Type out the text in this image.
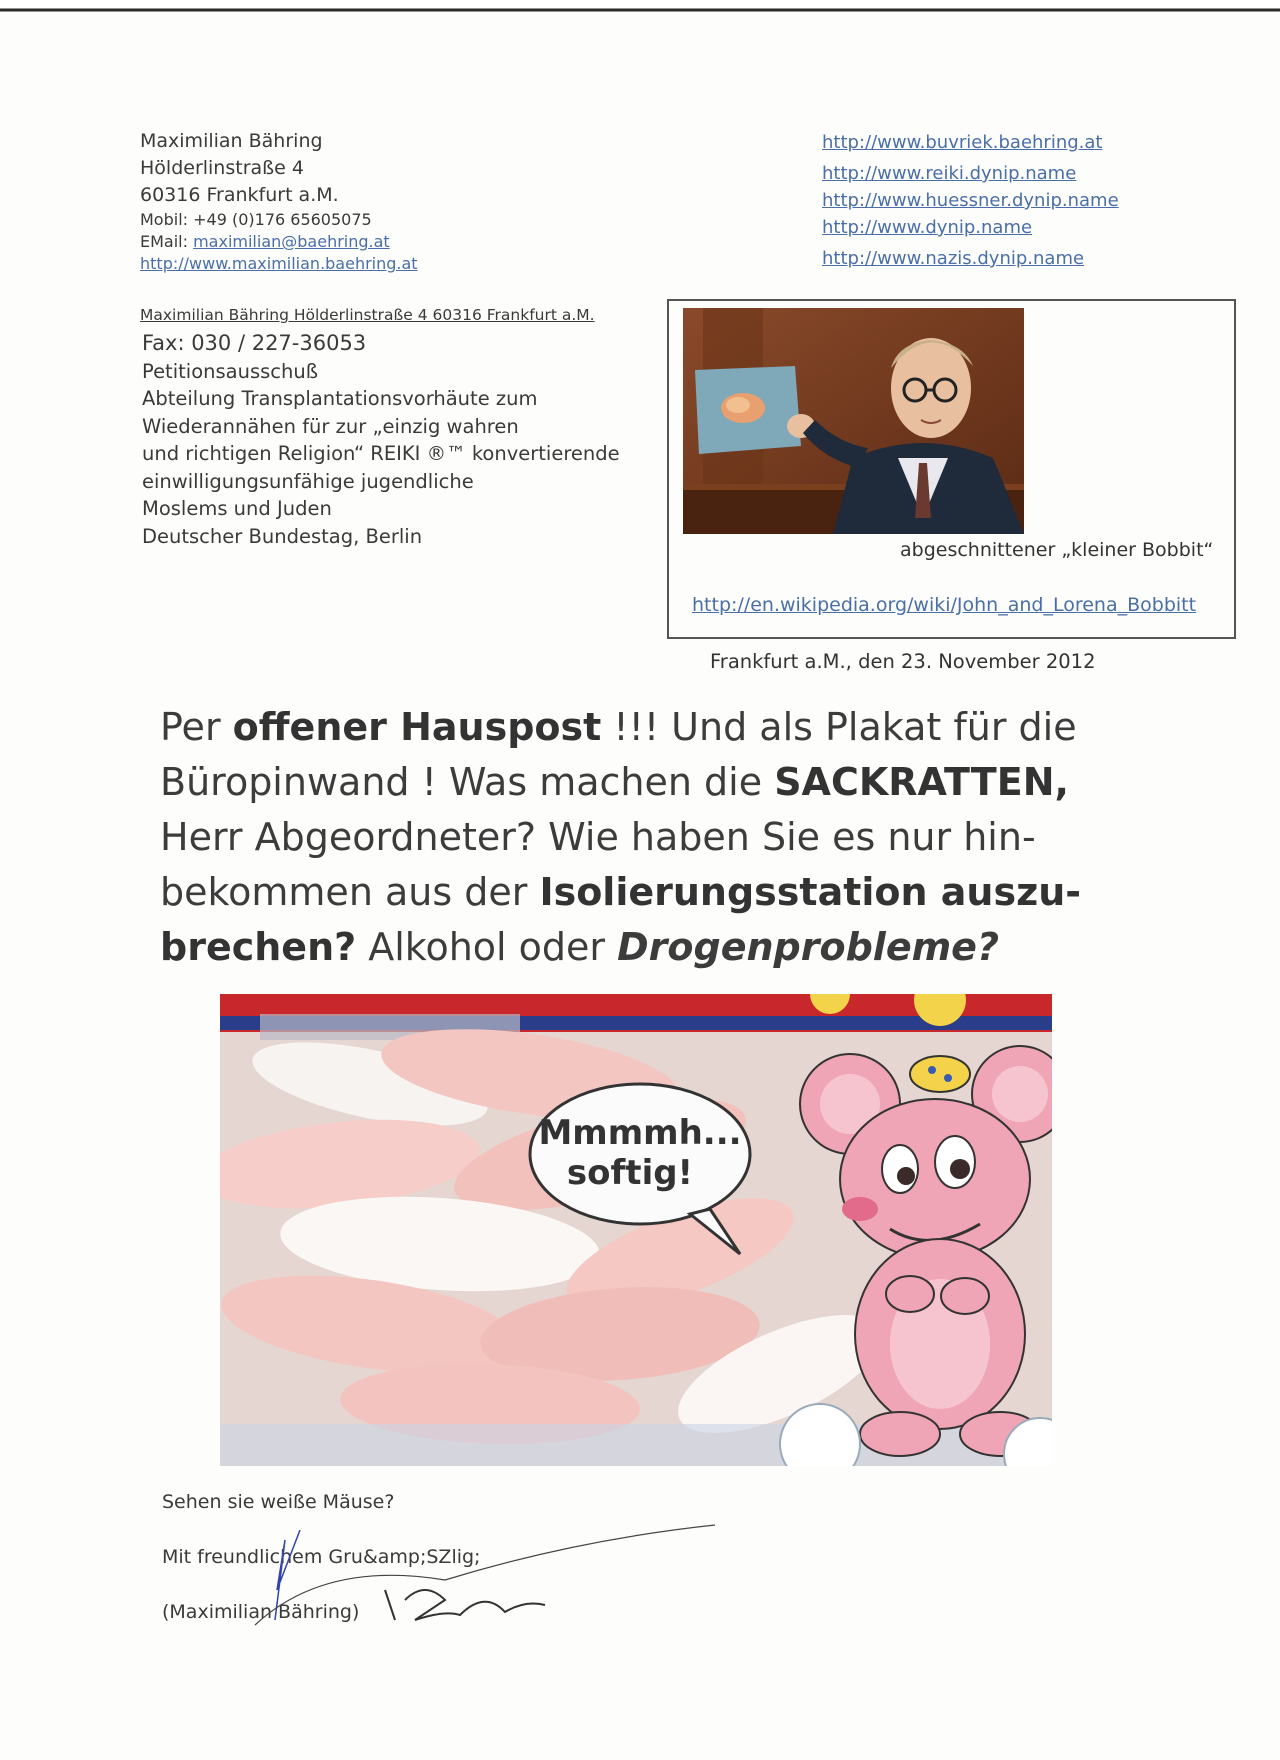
Maximilian Bähring
Hölderlinstraße 4
60316 Frankfurt a.M.
Mobil: +49 (0)176 65605075
EMail: maximilian@baehring.at
http://www.maximilian.baehring.at
http://www.buvriek.baehring.at
http://www.reiki.dynip.name
http://www.huessner.dynip.name
http://www.dynip.name
http://www.nazis.dynip.name
Maximilian Bähring Hölderlinstraße 4 60316 Frankfurt a.M.
Fax: 030 / 227-36053
Petitionsausschuß
Abteilung Transplantationsvorhäute zum
Wiederannähen für zur „einzig wahren
und richtigen Religion“ REIKI ®™ konvertierende
einwilligungsunfähige jugendliche
Moslems und Juden
Deutscher Bundestag, Berlin
abgeschnittener „kleiner Bobbit“
http://en.wikipedia.org/wiki/John_and_Lorena_Bobbitt
Frankfurt a.M., den 23. November 2012
Per offener Hauspost !!! Und als Plakat für die Büropinwand ! Was machen die SACKRATTEN, Herr Abgeordneter? Wie haben Sie es nur hin-bekommen aus der Isolierungsstation auszu-brechen? Alkohol oder Drogenprobleme?
Mmmmh...
softig!
Sehen sie weiße Mäuse?
Mit freundlichem Gru&amp;SZlig;
(Maximilian Bähring)
